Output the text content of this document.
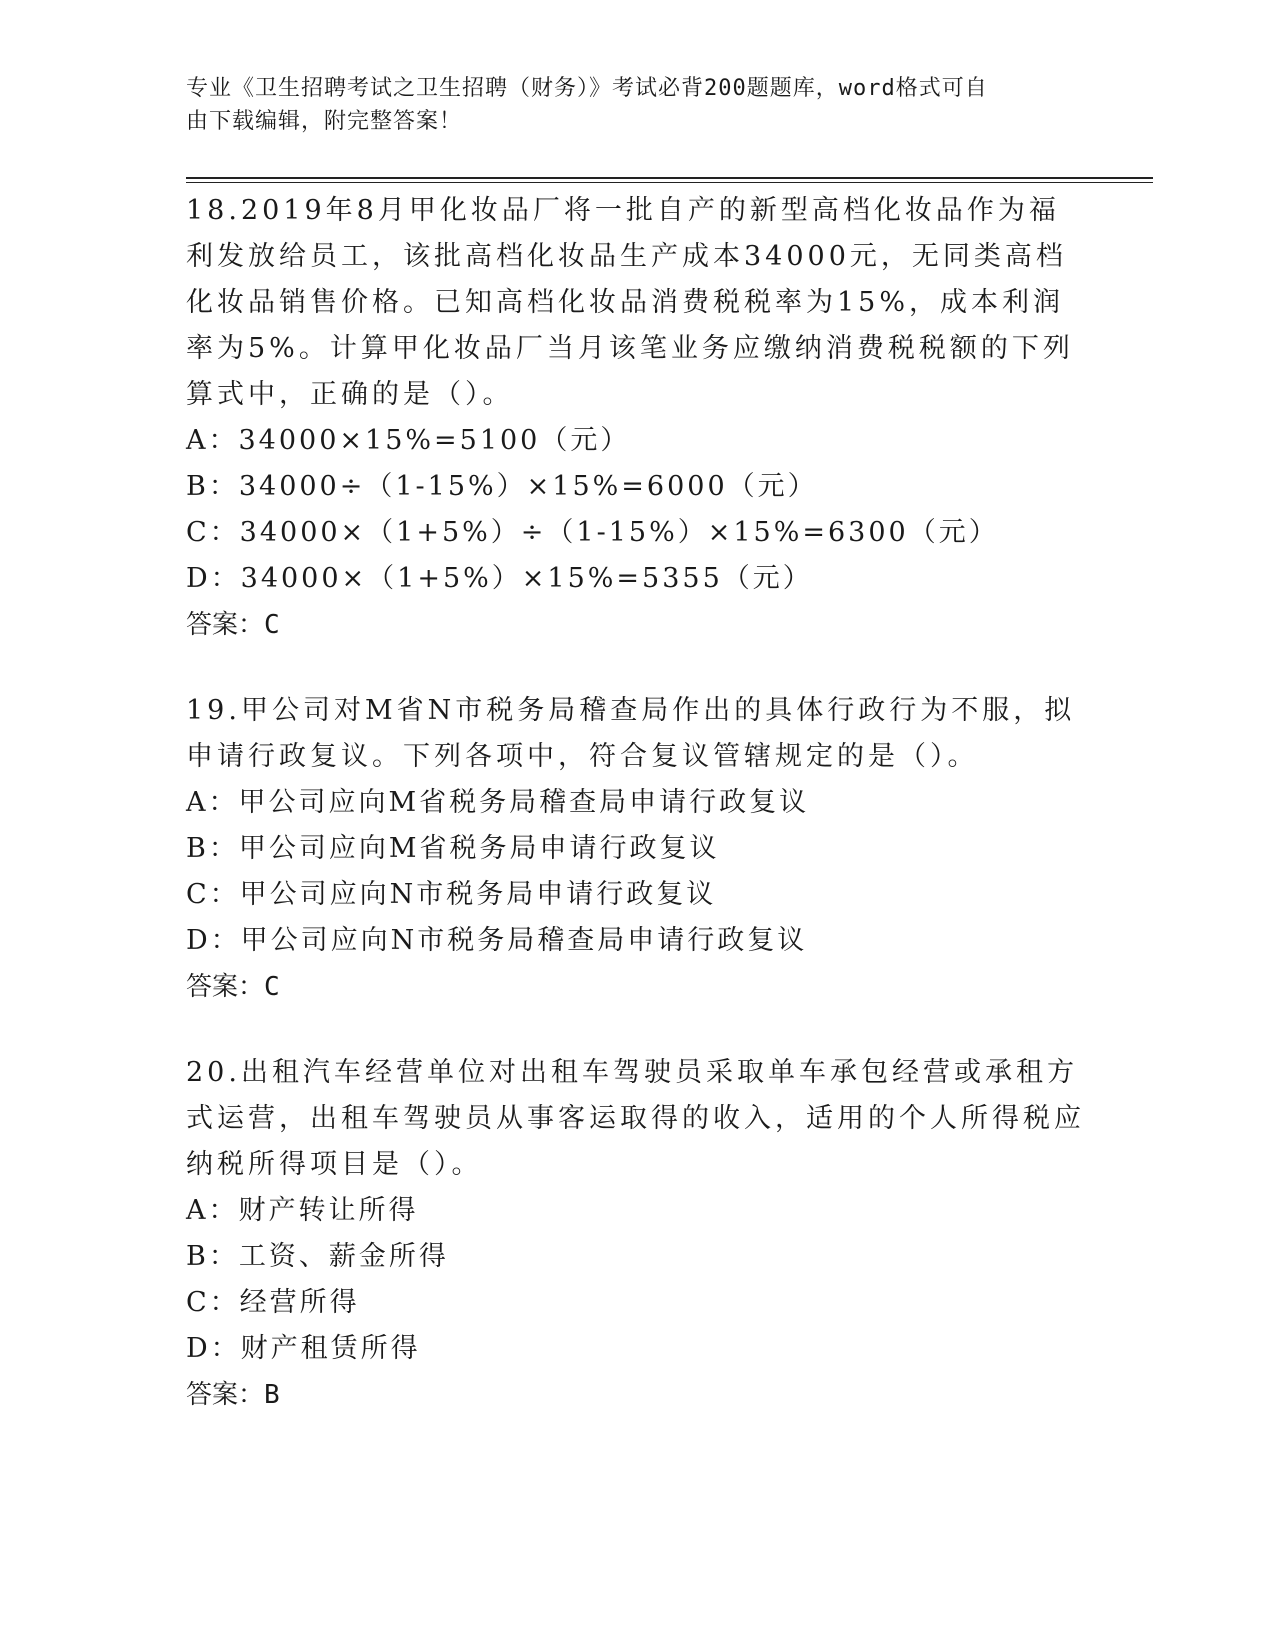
专业《卫生招聘考试之卫生招聘（财务）》考试必背200题题库，word格式可自
由下载编辑，附完整答案！

18.2019年8月甲化妆品厂将一批自产的新型高档化妆品作为福利发放给员工，该批高档化妆品生产成本34000元，无同类高档化妆品销售价格。已知高档化妆品消费税税率为15%，成本利润率为5%。计算甲化妆品厂当月该笔业务应缴纳消费税税额的下列算式中，正确的是（）。

A：34000×15%=5100（元）

B：34000÷（1-15%）×15%=6000（元）

C：34000×（1+5%）÷（1-15%）×15%=6300（元）

D：34000×（1+5%）×15%=5355（元）

答案：C

19.甲公司对M省N市税务局稽查局作出的具体行政行为不服，拟申请行政复议。下列各项中，符合复议管辖规定的是（）。

A：甲公司应向M省税务局稽查局申请行政复议

B：甲公司应向M省税务局申请行政复议

C：甲公司应向N市税务局申请行政复议

D：甲公司应向N市税务局稽查局申请行政复议

答案：C

20.出租汽车经营单位对出租车驾驶员采取单车承包经营或承租方式运营，出租车驾驶员从事客运取得的收入，适用的个人所得税应纳税所得项目是（）。

A：财产转让所得

B：工资、薪金所得

C：经营所得

D：财产租赁所得

答案：B
